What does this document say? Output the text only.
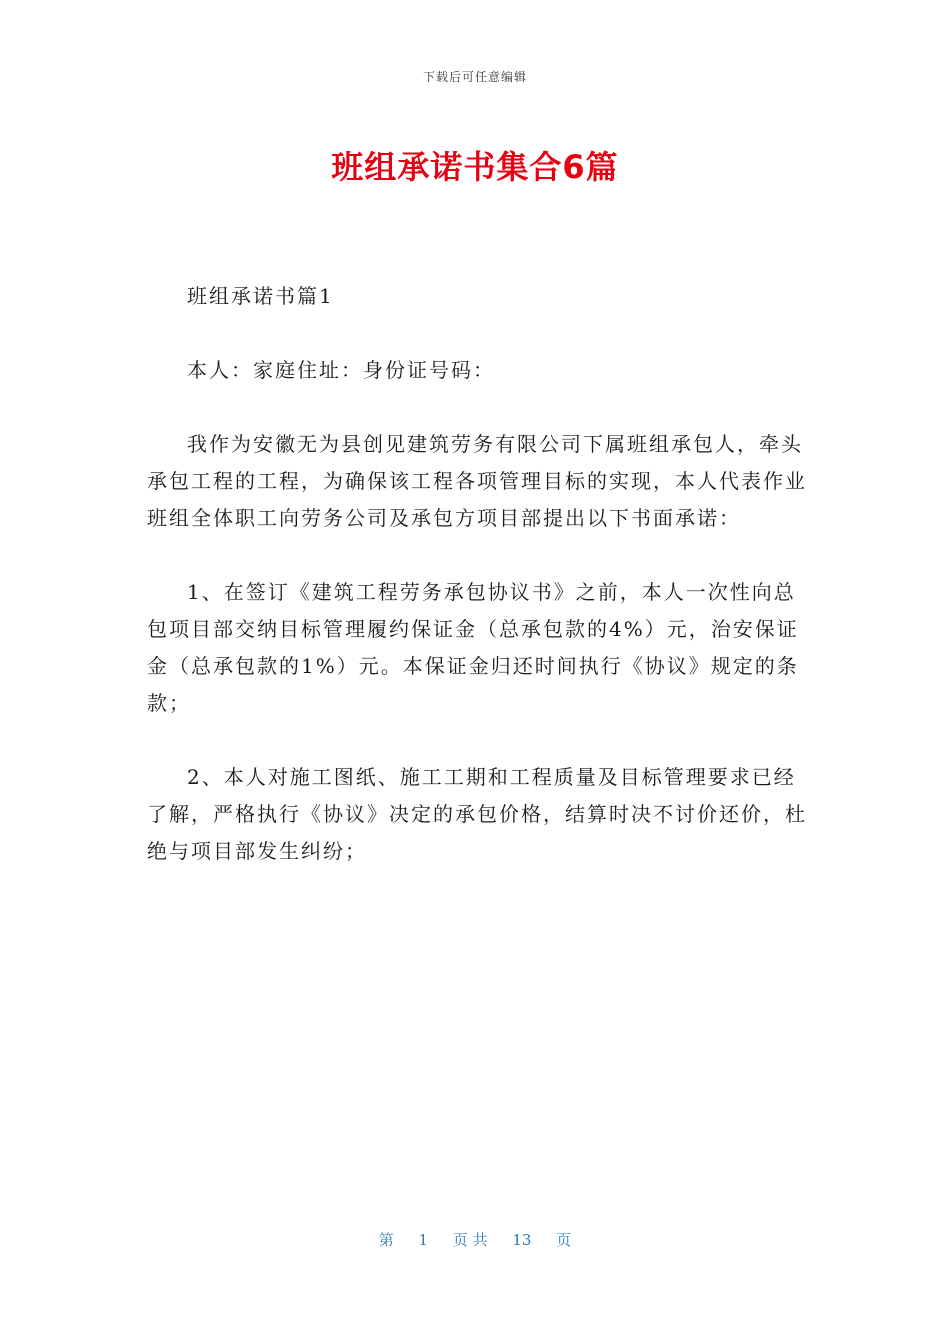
下载后可任意编辑
班组承诺书集合6篇

班组承诺书篇1

本人：家庭住址：身份证号码：

我作为安徽无为县创见建筑劳务有限公司下属班组承包人，牵头承包工程的工程，为确保该工程各项管理目标的实现，本人代表作业班组全体职工向劳务公司及承包方项目部提出以下书面承诺：

1、在签订《建筑工程劳务承包协议书》之前，本人一次性向总包项目部交纳目标管理履约保证金（总承包款的4%）元，治安保证金（总承包款的1%）元。本保证金归还时间执行《协议》规定的条款；

2、本人对施工图纸、施工工期和工程质量及目标管理要求已经了解，严格执行《协议》决定的承包价格，结算时决不讨价还价，杜绝与项目部发生纠纷；

第 1 页 共 13 页
